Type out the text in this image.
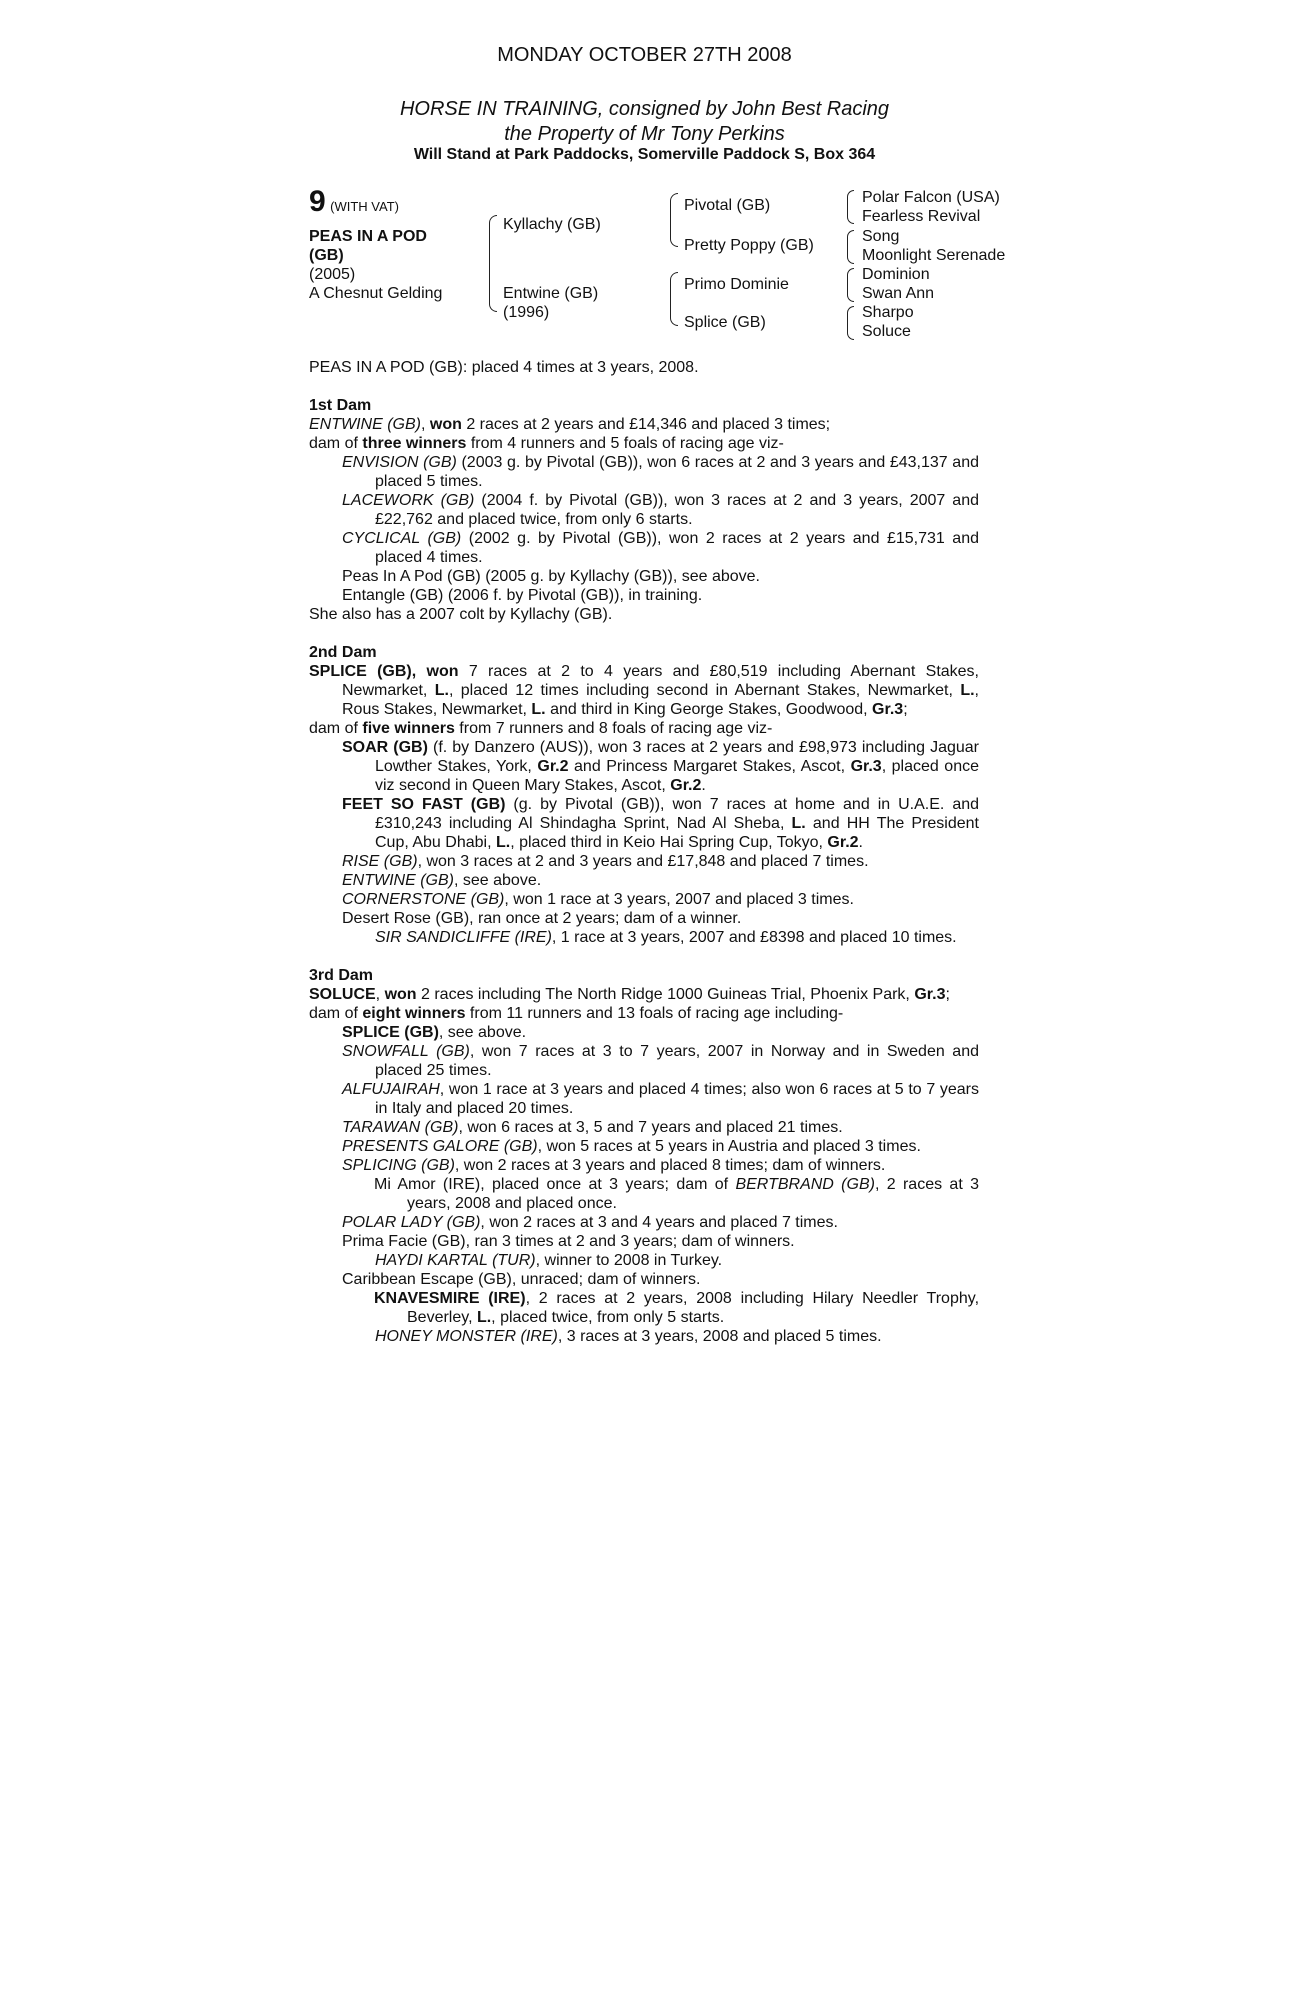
MONDAY OCTOBER 27TH 2008
HORSE IN TRAINING, consigned by John Best Racing
the Property of Mr Tony Perkins
Will Stand at Park Paddocks, Somerville Paddock S, Box 364
9 (WITH VAT)
PEAS IN A POD
(GB)
(2005)
A Chesnut Gelding
Kyllachy (GB)
Entwine (GB)
(1996)
Pivotal (GB)
Pretty Poppy (GB)
Primo Dominie
Splice (GB)
Polar Falcon (USA)
Fearless Revival
Song
Moonlight Serenade
Dominion
Swan Ann
Sharpo
Soluce

PEAS IN A POD (GB): placed 4 times at 3 years, 2008.

1st Dam

ENTWINE (GB), won 2 races at 2 years and £14,346 and placed 3 times;

dam of three winners from 4 runners and 5 foals of racing age viz-

ENVISION (GB) (2003 g. by Pivotal (GB)), won 6 races at 2 and 3 years and £43,137 and placed 5 times.

LACEWORK (GB) (2004 f. by Pivotal (GB)), won 3 races at 2 and 3 years, 2007 and £22,762 and placed twice, from only 6 starts.

CYCLICAL (GB) (2002 g. by Pivotal (GB)), won 2 races at 2 years and £15,731 and placed 4 times.

Peas In A Pod (GB) (2005 g. by Kyllachy (GB)), see above.

Entangle (GB) (2006 f. by Pivotal (GB)), in training.

She also has a 2007 colt by Kyllachy (GB).

2nd Dam

SPLICE (GB), won 7 races at 2 to 4 years and £80,519 including Abernant Stakes, Newmarket, L., placed 12 times including second in Abernant Stakes, Newmarket, L., Rous Stakes, Newmarket, L. and third in King George Stakes, Goodwood, Gr.3;

dam of five winners from 7 runners and 8 foals of racing age viz-

SOAR (GB) (f. by Danzero (AUS)), won 3 races at 2 years and £98,973 including Jaguar Lowther Stakes, York, Gr.2 and Princess Margaret Stakes, Ascot, Gr.3, placed once viz second in Queen Mary Stakes, Ascot, Gr.2.

FEET SO FAST (GB) (g. by Pivotal (GB)), won 7 races at home and in U.A.E. and £310,243 including Al Shindagha Sprint, Nad Al Sheba, L. and HH The President Cup, Abu Dhabi, L., placed third in Keio Hai Spring Cup, Tokyo, Gr.2.

RISE (GB), won 3 races at 2 and 3 years and £17,848 and placed 7 times.

ENTWINE (GB), see above.

CORNERSTONE (GB), won 1 race at 3 years, 2007 and placed 3 times.

Desert Rose (GB), ran once at 2 years; dam of a winner.

SIR SANDICLIFFE (IRE), 1 race at 3 years, 2007 and £8398 and placed 10 times.

3rd Dam

SOLUCE, won 2 races including The North Ridge 1000 Guineas Trial, Phoenix Park, Gr.3;

dam of eight winners from 11 runners and 13 foals of racing age including-

SPLICE (GB), see above.

SNOWFALL (GB), won 7 races at 3 to 7 years, 2007 in Norway and in Sweden and placed 25 times.

ALFUJAIRAH, won 1 race at 3 years and placed 4 times; also won 6 races at 5 to 7 years in Italy and placed 20 times.

TARAWAN (GB), won 6 races at 3, 5 and 7 years and placed 21 times.

PRESENTS GALORE (GB), won 5 races at 5 years in Austria and placed 3 times.

SPLICING (GB), won 2 races at 3 years and placed 8 times; dam of winners.

Mi Amor (IRE), placed once at 3 years; dam of BERTBRAND (GB), 2 races at 3 years, 2008 and placed once.

POLAR LADY (GB), won 2 races at 3 and 4 years and placed 7 times.

Prima Facie (GB), ran 3 times at 2 and 3 years; dam of winners.

HAYDI KARTAL (TUR), winner to 2008 in Turkey.

Caribbean Escape (GB), unraced; dam of winners.

KNAVESMIRE (IRE), 2 races at 2 years, 2008 including Hilary Needler Trophy, Beverley, L., placed twice, from only 5 starts.

HONEY MONSTER (IRE), 3 races at 3 years, 2008 and placed 5 times.
